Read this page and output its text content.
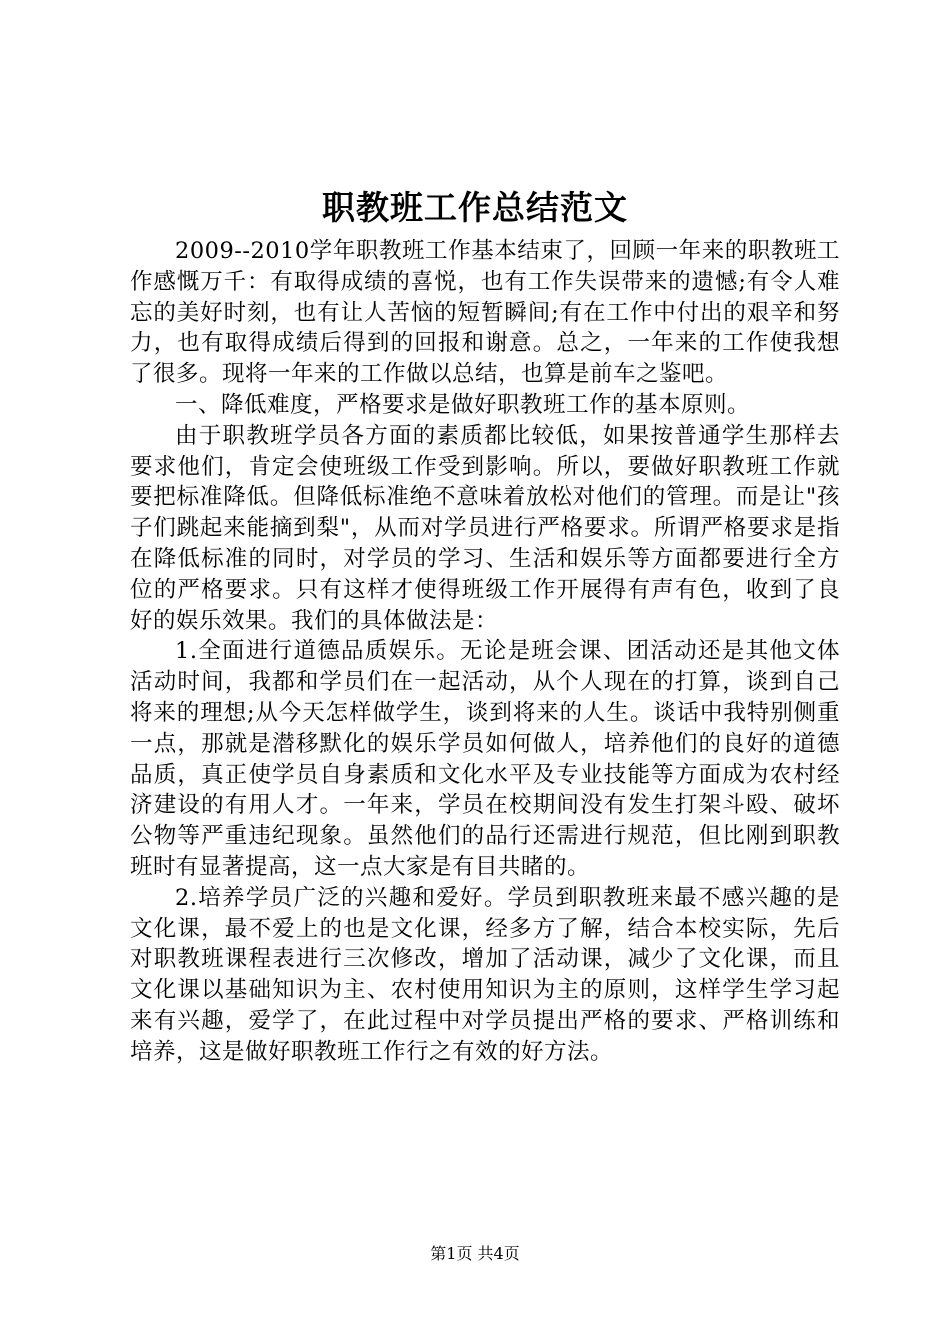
职教班工作总结范文

2009--2010学年职教班工作基本结束了，回顾一年来的职教班工作感慨万千：有取得成绩的喜悦，也有工作失误带来的遗憾;有令人难忘的美好时刻，也有让人苦恼的短暂瞬间;有在工作中付出的艰辛和努力，也有取得成绩后得到的回报和谢意。总之，一年来的工作使我想了很多。现将一年来的工作做以总结，也算是前车之鉴吧。

一、降低难度，严格要求是做好职教班工作的基本原则。

由于职教班学员各方面的素质都比较低，如果按普通学生那样去要求他们，肯定会使班级工作受到影响。所以，要做好职教班工作就要把标准降低。但降低标准绝不意味着放松对他们的管理。而是让"孩子们跳起来能摘到梨"，从而对学员进行严格要求。所谓严格要求是指在降低标准的同时，对学员的学习、生活和娱乐等方面都要进行全方位的严格要求。只有这样才使得班级工作开展得有声有色，收到了良好的娱乐效果。我们的具体做法是：

1.全面进行道德品质娱乐。无论是班会课、团活动还是其他文体活动时间，我都和学员们在一起活动，从个人现在的打算，谈到自己将来的理想;从今天怎样做学生，谈到将来的人生。谈话中我特别侧重一点，那就是潜移默化的娱乐学员如何做人，培养他们的良好的道德品质，真正使学员自身素质和文化水平及专业技能等方面成为农村经济建设的有用人才。一年来，学员在校期间没有发生打架斗殴、破坏公物等严重违纪现象。虽然他们的品行还需进行规范，但比刚到职教班时有显著提高，这一点大家是有目共睹的。

2.培养学员广泛的兴趣和爱好。学员到职教班来最不感兴趣的是文化课，最不爱上的也是文化课，经多方了解，结合本校实际，先后对职教班课程表进行三次修改，增加了活动课，减少了文化课，而且文化课以基础知识为主、农村使用知识为主的原则，这样学生学习起来有兴趣，爱学了，在此过程中对学员提出严格的要求、严格训练和培养，这是做好职教班工作行之有效的好方法。

第1页 共4页
